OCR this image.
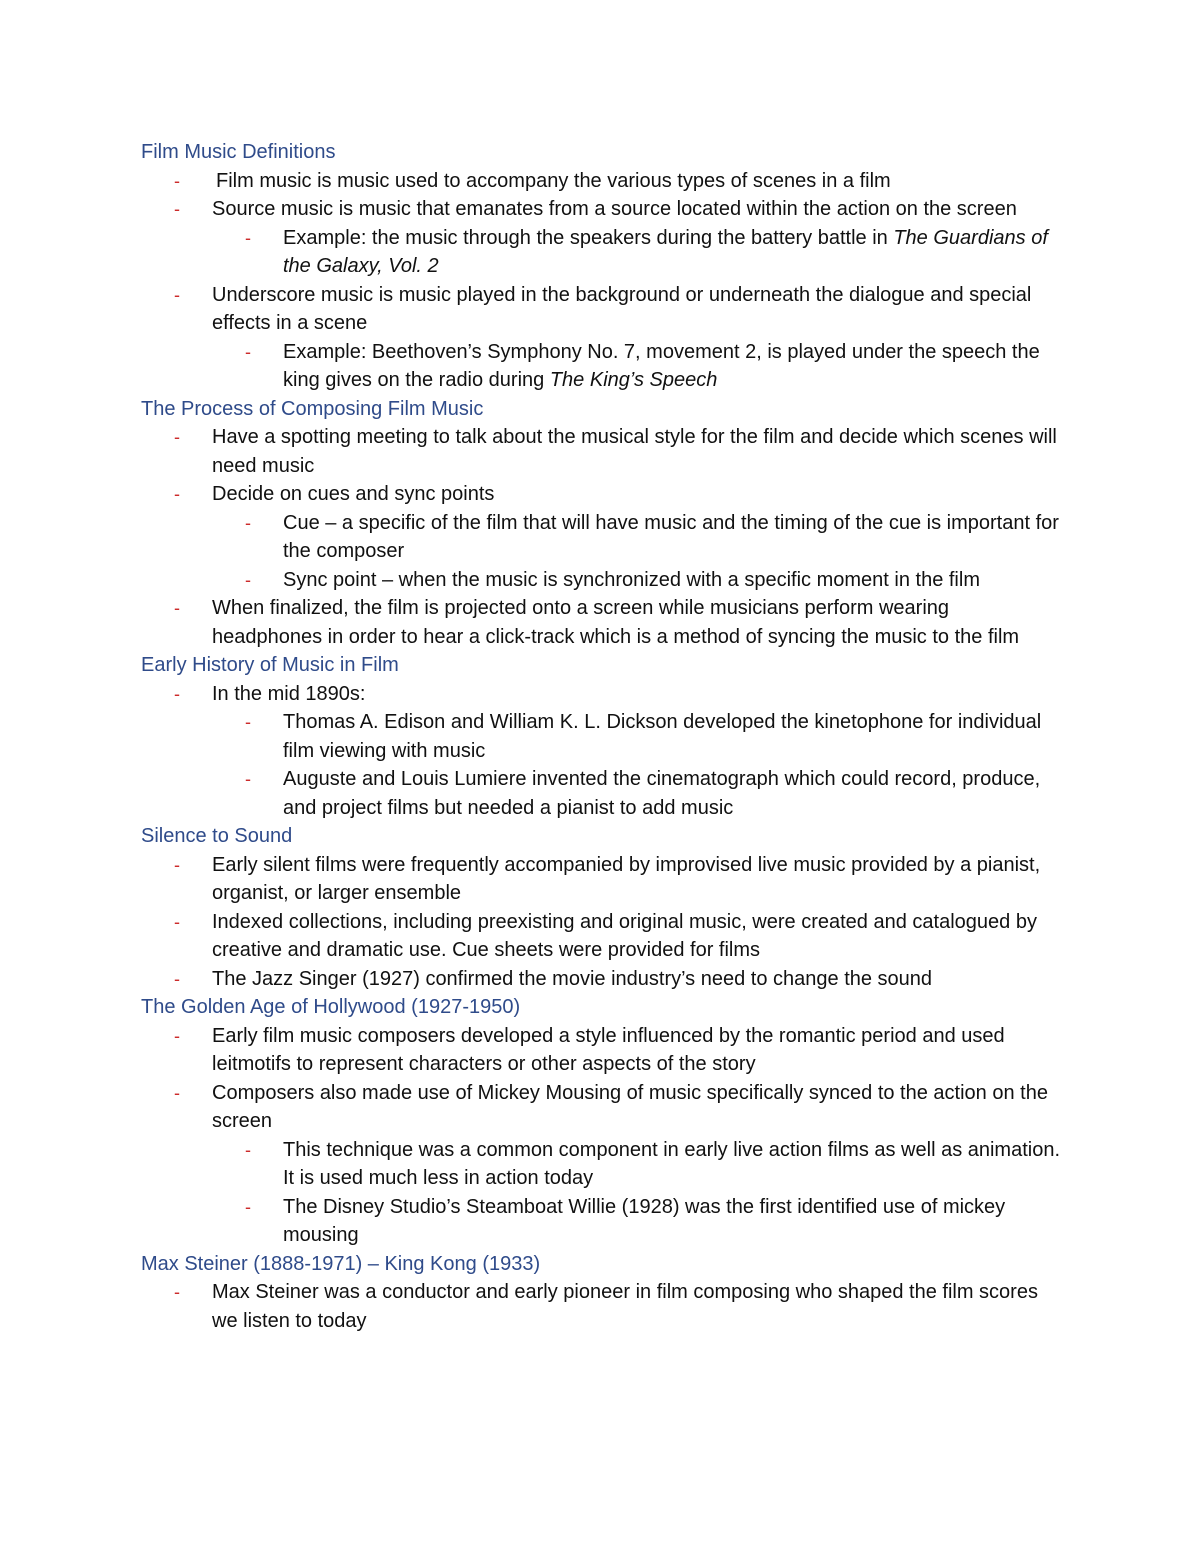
Film Music Definitions
- Film music is music used to accompany the various types of scenes in a film
- Source music is music that emanates from a source located within the action on the screen
- Example: the music through the speakers during the battery battle in The Guardians of the Galaxy, Vol. 2
- Underscore music is music played in the background or underneath the dialogue and special effects in a scene
- Example: Beethoven’s Symphony No. 7, movement 2, is played under the speech the king gives on the radio during The King’s Speech
The Process of Composing Film Music
- Have a spotting meeting to talk about the musical style for the film and decide which scenes will need music
- Decide on cues and sync points
- Cue – a specific of the film that will have music and the timing of the cue is important for the composer
- Sync point – when the music is synchronized with a specific moment in the film
- When finalized, the film is projected onto a screen while musicians perform wearing headphones in order to hear a click-track which is a method of syncing the music to the film
Early History of Music in Film
- In the mid 1890s:
- Thomas A. Edison and William K. L. Dickson developed the kinetophone for individual film viewing with music
- Auguste and Louis Lumiere invented the cinematograph which could record, produce, and project films but needed a pianist to add music
Silence to Sound
- Early silent films were frequently accompanied by improvised live music provided by a pianist, organist, or larger ensemble
- Indexed collections, including preexisting and original music, were created and catalogued by creative and dramatic use. Cue sheets were provided for films
- The Jazz Singer (1927) confirmed the movie industry’s need to change the sound
The Golden Age of Hollywood (1927-1950)
- Early film music composers developed a style influenced by the romantic period and used leitmotifs to represent characters or other aspects of the story
- Composers also made use of Mickey Mousing of music specifically synced to the action on the screen
- This technique was a common component in early live action films as well as animation. It is used much less in action today
- The Disney Studio’s Steamboat Willie (1928) was the first identified use of mickey mousing
Max Steiner (1888-1971) – King Kong (1933)
- Max Steiner was a conductor and early pioneer in film composing who shaped the film scores we listen to today
